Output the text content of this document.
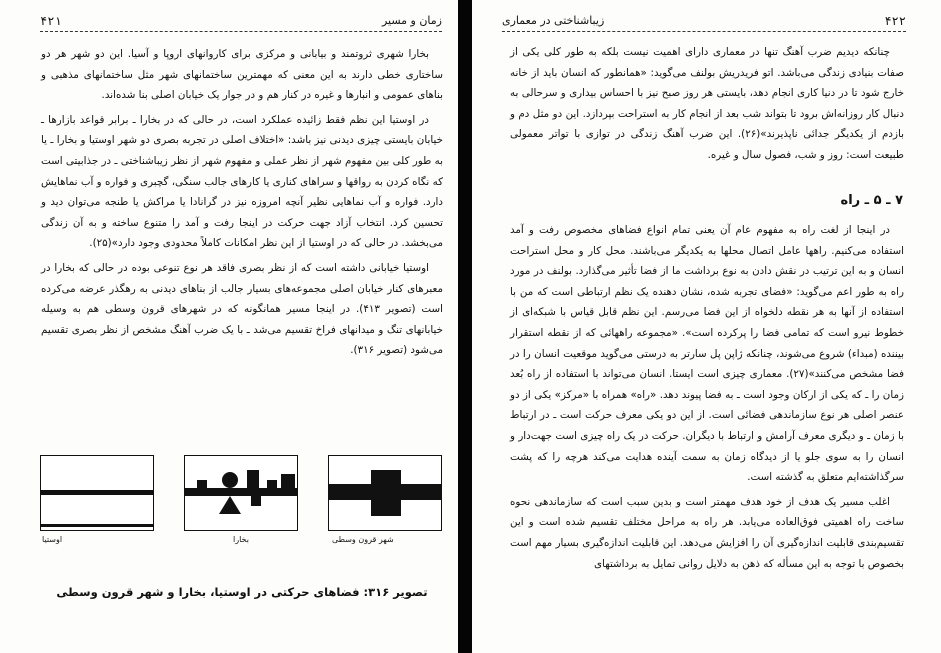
۴۲۱	زمان و مسیر

بخارا شهری ثروتمند و بیابانی و مرکزی برای کاروانهای اروپا و آسیا. این دو شهر هر دو ساختاری خطی دارند به این معنی که مهمترین ساختمانهای شهر مثل ساختمانهای مذهبی و بناهای عمومی و انبارها و غیره در کنار هم و در جوار یک خیابان اصلی بنا شده‌اند.

در اوستیا این نظم فقط زائیده عملکرد است، در حالی که در بخارا ـ برابر قواعد بازارها ـ خیابان بایستی چیزی دیدنی نیز باشد: «اختلاف اصلی در تجربه بصری دو شهر اوستیا و بخارا ـ یا به طور کلی بین مفهوم شهر از نظر عملی و مفهوم شهر از نظر زیباشناختی ـ در جذابیتی است که نگاه کردن به رواقها و سراهای کناری یا کارهای جالب سنگی، گچبری و فواره و آب نماهایش دارد. فواره و آب نماهایی نظیر آنچه امروزه نیز در گرانادا یا مراکش یا طنجه می‌توان دید و تحسین کرد. انتخاب آزاد جهت حرکت در اینجا رفت و آمد را متنوع ساخته و به آن زندگی می‌بخشد. در حالی که در اوستیا از این نظر امکانات کاملاً محدودی وجود دارد»(۲۵).

اوستیا خیابانی داشته است که از نظر بصری فاقد هر نوع تنوعی بوده در حالی که بخارا در معبرهای کنار خیابان اصلی مجموعه‌های بسیار جالب از بناهای دیدنی به رهگذر عرضه می‌کرده است (تصویر ۴۱۳). در اینجا مسیر همانگونه که در شهرهای قرون وسطی هم به وسیله خیابانهای تنگ و میدانهای فراخ تقسیم می‌شد ـ با یک ضرب آهنگ مشخص از نظر بصری تقسیم می‌شود (تصویر ۳۱۶).

شهر قرون وسطی
بخارا
اوستیا
تصویر ۳۱۶: فضاهای حرکتی در اوستیا، بخارا و شهر قرون وسطی
۴۲۲
زیباشناختی در معماری

چنانکه دیدیم ضرب آهنگ تنها در معماری دارای اهمیت نیست بلکه به طور کلی یکی از صفات بنیادی زندگی می‌باشد. اتو فریدریش بولنف می‌گوید: «همانطور که انسان باید از خانه خارج شود تا در دنیا کاری انجام دهد، بایستی هر روز صبح نیز با احساس بیداری و سرحالی به دنبال کار روزانه‌اش برود تا بتواند شب بعد از انجام کار به استراحت بپردازد. این دو مثل دم و بازدم از یکدیگر جدائی ناپذیرند»(۲۶). این ضرب آهنگ زندگی در توازی با تواتر معمولی طبیعت است: روز و شب، فصول سال و غیره.

۷ ـ ۵ ـ راه

در اینجا از لغت راه به مفهوم عام آن یعنی تمام انواع فضاهای مخصوص رفت و آمد استفاده می‌کنیم. راهها عامل اتصال محلها به یکدیگر می‌باشند. محل کار و محل استراحت انسان و به این ترتیب در نقش دادن به نوع برداشت ما از فضا تأثیر می‌گذارد. بولنف در مورد راه به طور اعم می‌گوید: «فضای تجربه شده، نشان دهنده یک نظم ارتباطی است که من با استفاده از آنها به هر نقطه دلخواه از این فضا می‌رسم. این نظم قابل قیاس با شبکه‌ای از خطوط نیرو است که تمامی فضا را پرکرده است». «مجموعه راههائی که از نقطه استقرار بیننده (مبداء) شروع می‌شوند، چنانکه ژاپن پل سارتر به درستی می‌گوید موقعیت انسان را در فضا مشخص می‌کنند»(۲۷). معماری چیزی است ایستا. انسان می‌تواند با استفاده از راه بُعد زمان را ـ که یکی از ارکان وجود است ـ به فضا پیوند دهد. «راه» همراه با «مرکز» یکی از دو عنصر اصلی هر نوع سازماندهی فضائی است. از این دو یکی معرف حرکت است ـ در ارتباط با زمان ـ و دیگری معرف آرامش و ارتباط با دیگران. حرکت در یک راه چیزی است جهت‌دار و انسان را به سوی جلو یا از دیدگاه زمان به سمت آینده هدایت می‌کند هرچه را که پشت سرگذاشته‌ایم متعلق به گذشته است.

اغلب مسیر یک هدف از خود هدف مهمتر است و بدین سبب است که سازماندهی نحوه ساخت راه اهمیتی فوق‌العاده می‌یابد. هر راه به مراحل مختلف تقسیم شده است و این تقسیم‌بندی قابلیت اندازه‌گیری آن را افزایش می‌دهد. این قابلیت اندازه‌گیری بسیار مهم است بخصوص با توجه به این مسأله که ذهن به دلایل روانی تمایل به برداشتهای
